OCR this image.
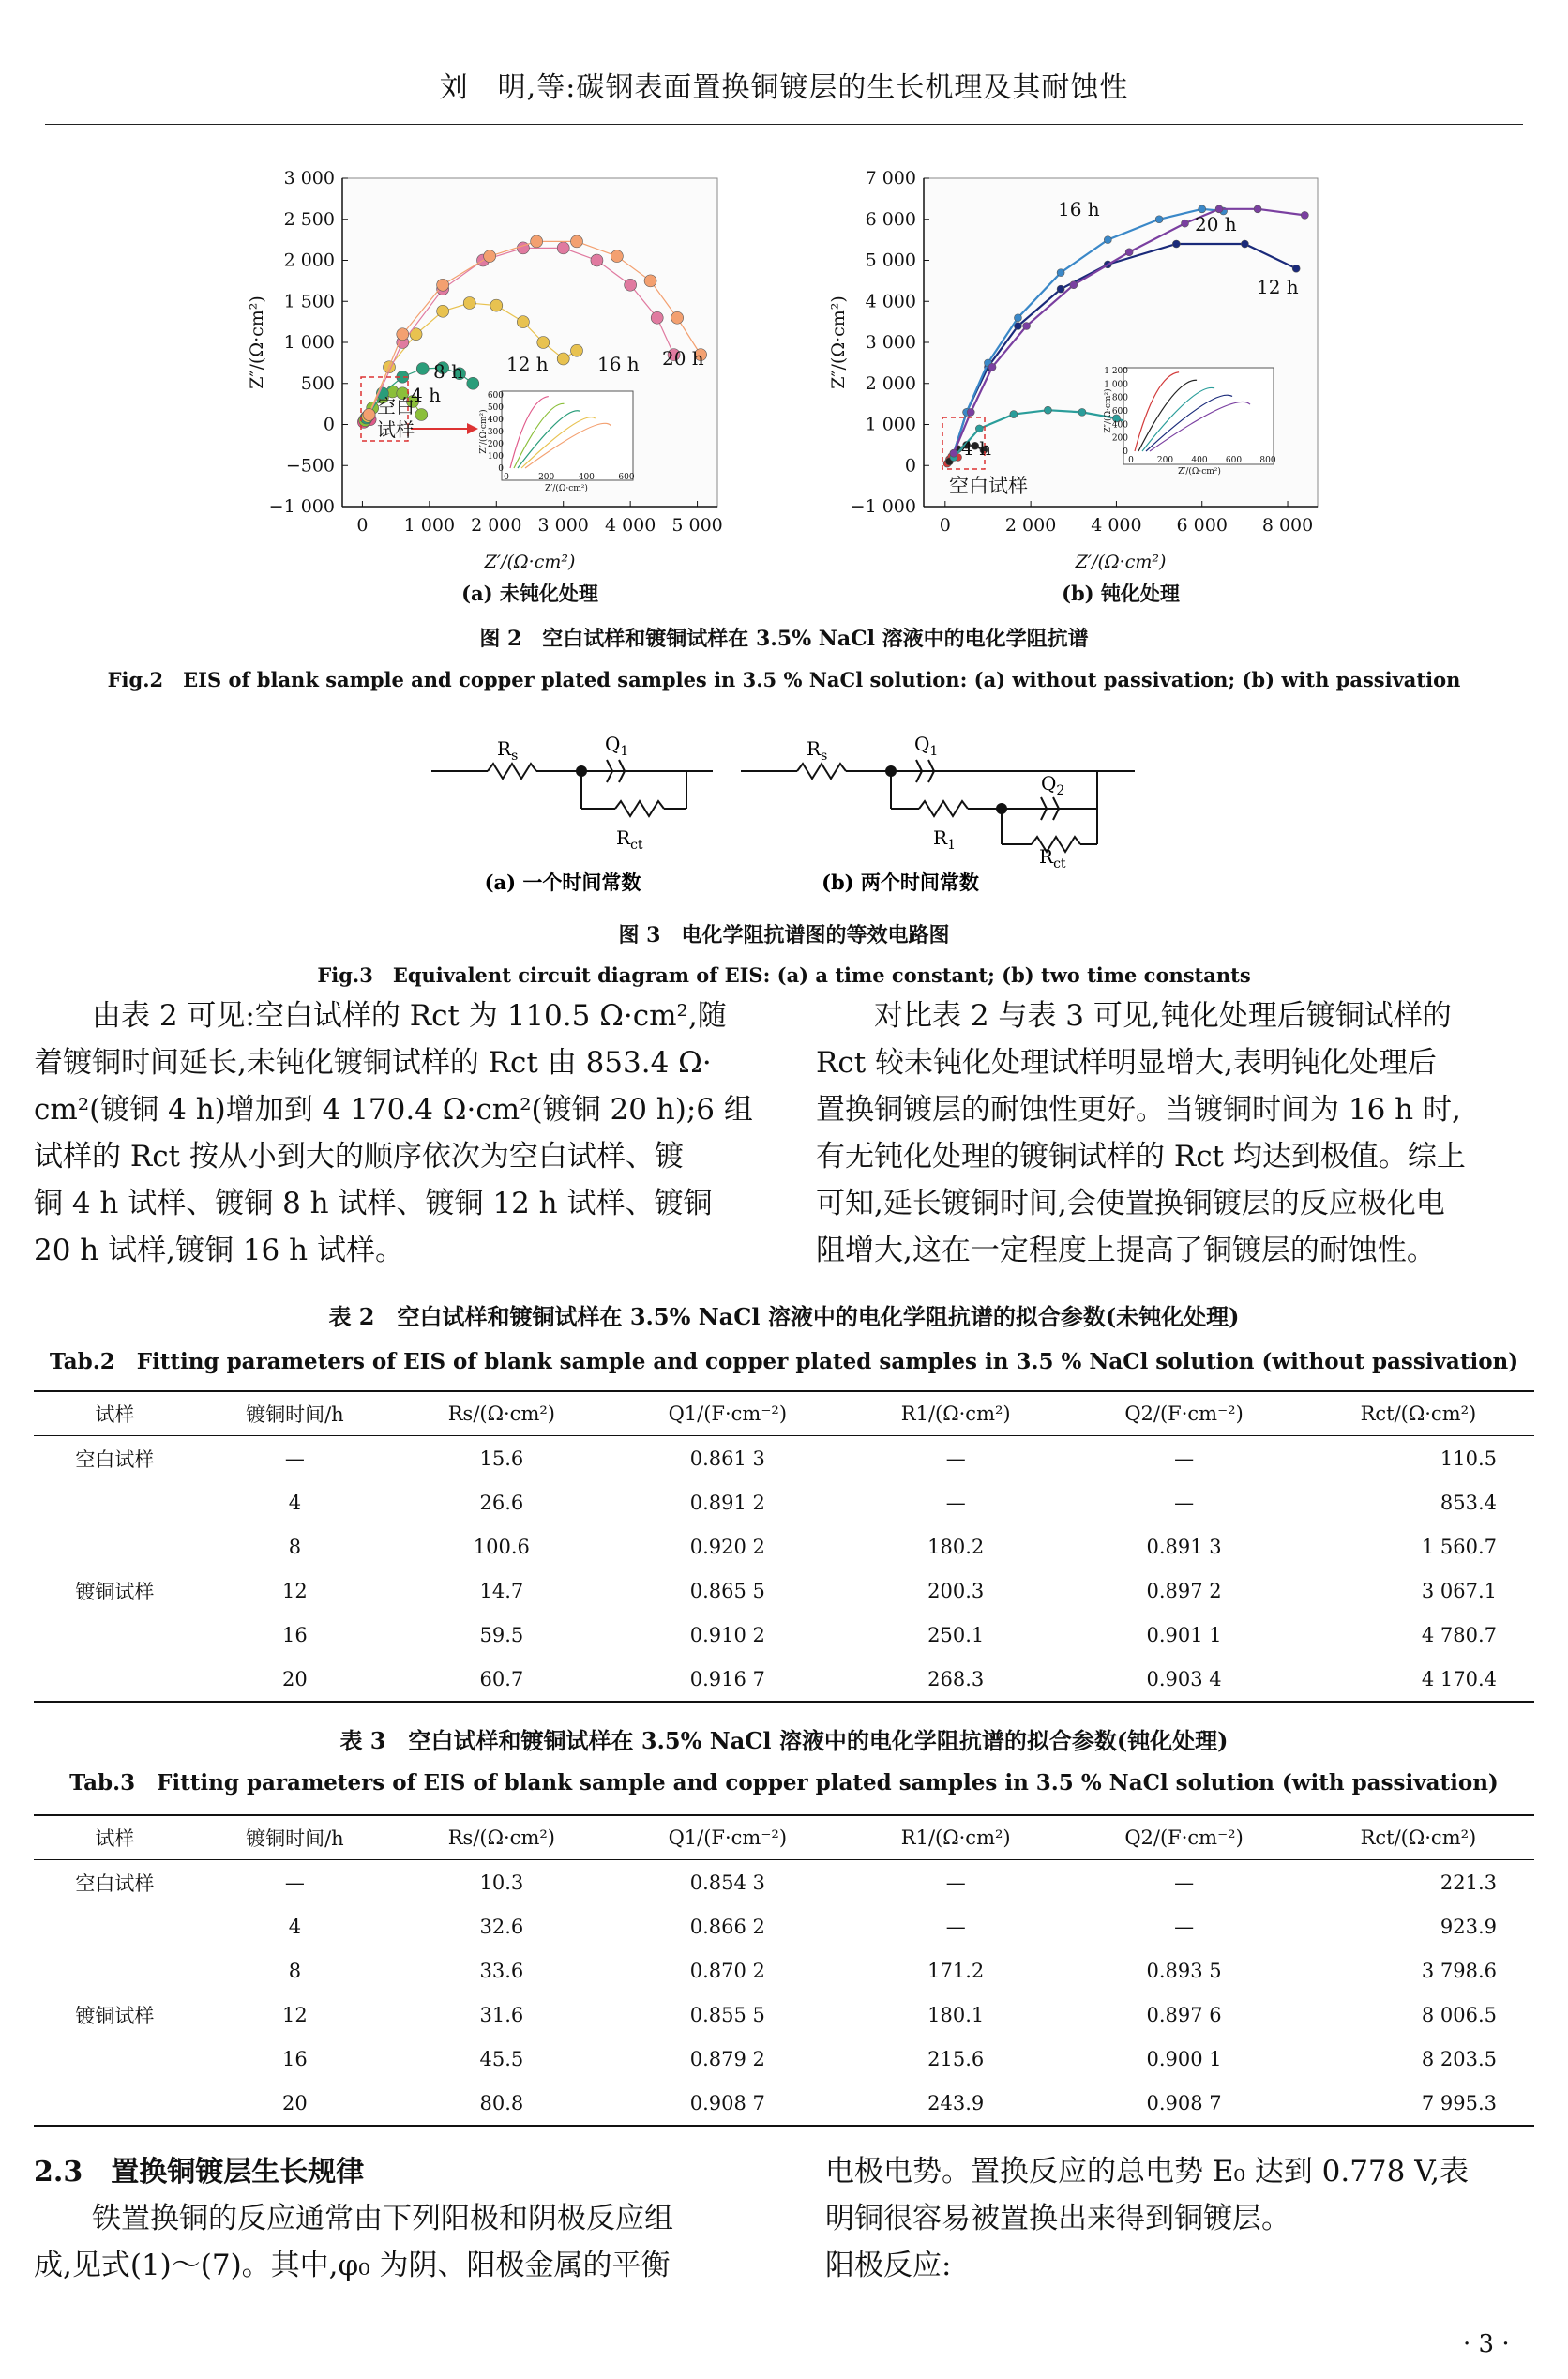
刘　明,等:碳钢表面置换铜镀层的生长机理及其耐蚀性
Z″/(Ω·cm²)
Z′/(Ω·cm²)
−1 000
−500
0
500
1 000
1 500
2 000
2 500
3 000
0 1 000 2 000 3 000 4 000 5 000
4 h
8 h 12 h	16 h 20 h
空白
试样
0
100
200
300
400
500
600
0	200	400	600
Z′/(Ω·cm²)
Z″/(Ω·cm²)
(a) 未钝化处理
Z″/(Ω·cm²)
Z′/(Ω·cm²)
−1 000
0
1 000
2 000
3 000
4 000
5 000
6 000
7 000
0	2 000 4 000 6 000 8 000
4 h
12 h
16 h
20 h
空白试样
0
200
400
600
800
1 000
1 200
0	200 400 600 800
Z′/(Ω·cm²)
Z″/(Ω·cm²)
(b) 钝化处理
图 2　空白试样和镀铜试样在 3.5% NaCl 溶液中的电化学阻抗谱
Fig.2　EIS of blank sample and copper plated samples in 3.5 % NaCl solution: (a) without passivation; (b) with passivation
$R_s$
$Q_1$
$R_{ct}$
$R_s$
$Q_1$
$Q_2$
$R_1$	$R_{ct}$
(a) 一个时间常数	(b) 两个时间常数
图 3　电化学阻抗谱图的等效电路图
Fig.3　Equivalent circuit diagram of EIS: (a) a time constant; (b) two time constants
由表 2 可见:空白试样的 Rct 为 110.5 Ω·cm²,随
着镀铜时间延长,未钝化镀铜试样的 Rct 由 853.4 Ω·
cm²(镀铜 4 h)增加到 4 170.4 Ω·cm²(镀铜 20 h);6 组
试样的 Rct 按从小到大的顺序依次为空白试样、镀
铜 4 h 试样、镀铜 8 h 试样、镀铜 12 h 试样、镀铜
20 h 试样,镀铜 16 h 试样。
对比表 2 与表 3 可见,钝化处理后镀铜试样的
Rct 较未钝化处理试样明显增大,表明钝化处理后
置换铜镀层的耐蚀性更好。当镀铜时间为 16 h 时,
有无钝化处理的镀铜试样的 Rct 均达到极值。综上
可知,延长镀铜时间,会使置换铜镀层的反应极化电
阻增大,这在一定程度上提高了铜镀层的耐蚀性。
表 2　空白试样和镀铜试样在 3.5% NaCl 溶液中的电化学阻抗谱的拟合参数(未钝化处理)
Tab.2　Fitting parameters of EIS of blank sample and copper plated samples in 3.5 % NaCl solution (without passivation)
试样	镀铜时间/h	Rs/(Ω·cm²)	Q1/(F·cm⁻²)	R1/(Ω·cm²)	Q2/(F·cm⁻²)	Rct/(Ω·cm²)
空白试样	—	15.6	0.861 3	—	—	110.5
	4	26.6	0.891 2	—	—	853.4
	8	100.6	0.920 2	180.2	0.891 3	1 560.7
镀铜试样	12	14.7	0.865 5	200.3	0.897 2	3 067.1
	16	59.5	0.910 2	250.1	0.901 1	4 780.7
	20	60.7	0.916 7	268.3	0.903 4	4 170.4
表 3　空白试样和镀铜试样在 3.5% NaCl 溶液中的电化学阻抗谱的拟合参数(钝化处理)
Tab.3　Fitting parameters of EIS of blank sample and copper plated samples in 3.5 % NaCl solution (with passivation)
试样	镀铜时间/h	Rs/(Ω·cm²)	Q1/(F·cm⁻²)	R1/(Ω·cm²)	Q2/(F·cm⁻²)	Rct/(Ω·cm²)
空白试样	—	10.3	0.854 3	—	—	221.3
	4	32.6	0.866 2	—	—	923.9
	8	33.6	0.870 2	171.2	0.893 5	3 798.6
镀铜试样	12	31.6	0.855 5	180.1	0.897 6	8 006.5
	16	45.5	0.879 2	215.6	0.900 1	8 203.5
	20	80.8	0.908 7	243.9	0.908 7	7 995.3
2.3　置换铜镀层生长规律
铁置换铜的反应通常由下列阳极和阴极反应组
成,见式(1)～(7)。其中,φ₀ 为阴、阳极金属的平衡
电极电势。置换反应的总电势 E₀ 达到 0.778 V,表
明铜很容易被置换出来得到铜镀层。
阳极反应:
· 3 ·
